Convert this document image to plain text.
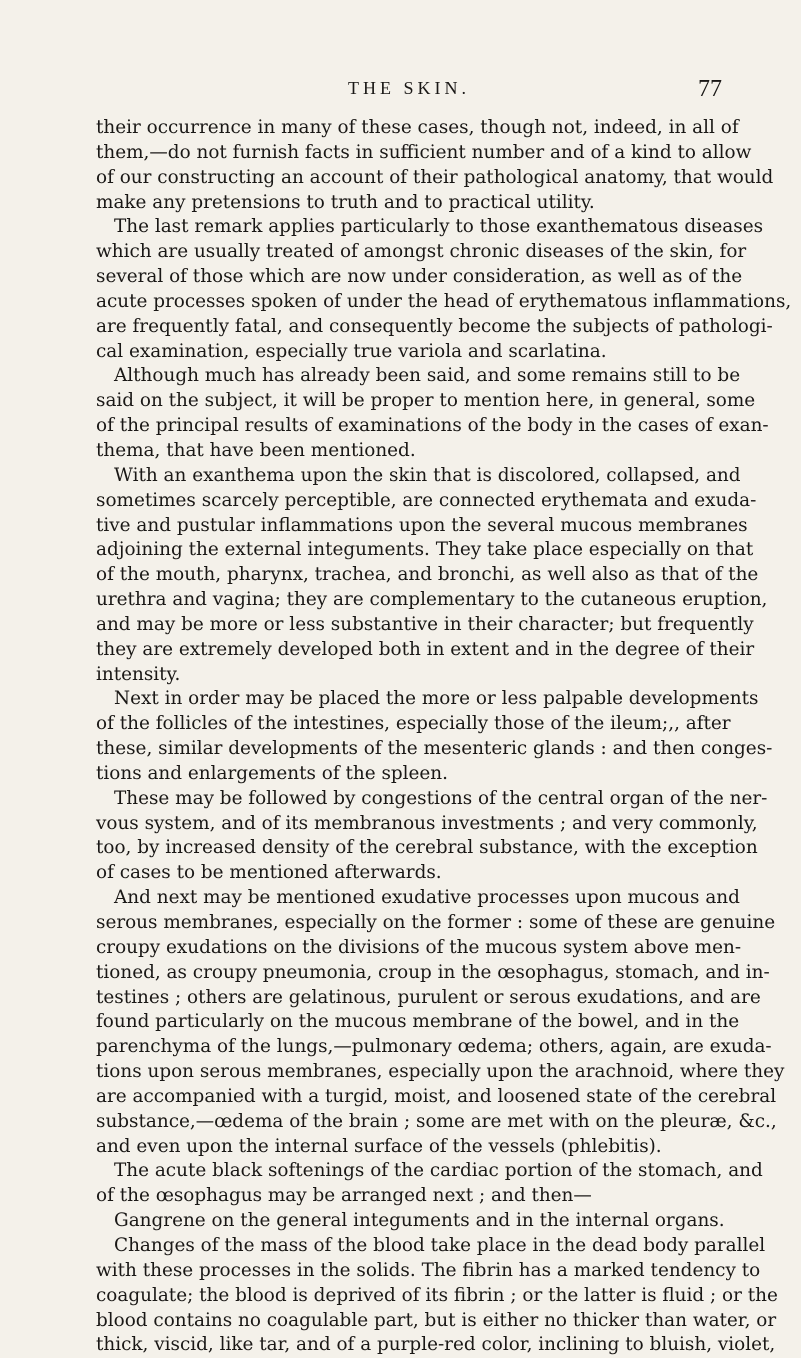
THE SKIN.	77
their occurrence in many of these cases, though not, indeed, in all of
them,—do not furnish facts in sufficient number and of a kind to allow
of our constructing an account of their pathological anatomy, that would
make any pretensions to truth and to practical utility.
The last remark applies particularly to those exanthematous diseases
which are usually treated of amongst chronic diseases of the skin, for
several of those which are now under consideration, as well as of the
acute processes spoken of under the head of erythematous inflammations,
are frequently fatal, and consequently become the subjects of pathologi-
cal examination, especially true variola and scarlatina.
Although much has already been said, and some remains still to be
said on the subject, it will be proper to mention here, in general, some
of the principal results of examinations of the body in the cases of exan-
thema, that have been mentioned.
With an exanthema upon the skin that is discolored, collapsed, and
sometimes scarcely perceptible, are connected erythemata and exuda-
tive and pustular inflammations upon the several mucous membranes
adjoining the external integuments. They take place especially on that
of the mouth, pharynx, trachea, and bronchi, as well also as that of the
urethra and vagina; they are complementary to the cutaneous eruption,
and may be more or less substantive in their character; but frequently
they are extremely developed both in extent and in the degree of their
intensity.
Next in order may be placed the more or less palpable developments
of the follicles of the intestines, especially those of the ileum;,, after
these, similar developments of the mesenteric glands : and then conges-
tions and enlargements of the spleen.
These may be followed by congestions of the central organ of the ner-
vous system, and of its membranous investments ; and very commonly,
too, by increased density of the cerebral substance, with the exception
of cases to be mentioned afterwards.
And next may be mentioned exudative processes upon mucous and
serous membranes, especially on the former : some of these are genuine
croupy exudations on the divisions of the mucous system above men-
tioned, as croupy pneumonia, croup in the œsophagus, stomach, and in-
testines ; others are gelatinous, purulent or serous exudations, and are
found particularly on the mucous membrane of the bowel, and in the
parenchyma of the lungs,—pulmonary œdema; others, again, are exuda-
tions upon serous membranes, especially upon the arachnoid, where they
are accompanied with a turgid, moist, and loosened state of the cerebral
substance,—œdema of the brain ; some are met with on the pleuræ, &c.,
and even upon the internal surface of the vessels (phlebitis).
The acute black softenings of the cardiac portion of the stomach, and
of the œsophagus may be arranged next ; and then—
Gangrene on the general integuments and in the internal organs.
Changes of the mass of the blood take place in the dead body parallel
with these processes in the solids. The fibrin has a marked tendency to
coagulate; the blood is deprived of its fibrin ; or the latter is fluid ; or the
blood contains no coagulable part, but is either no thicker than water, or
thick, viscid, like tar, and of a purple-red color, inclining to bluish, violet,
